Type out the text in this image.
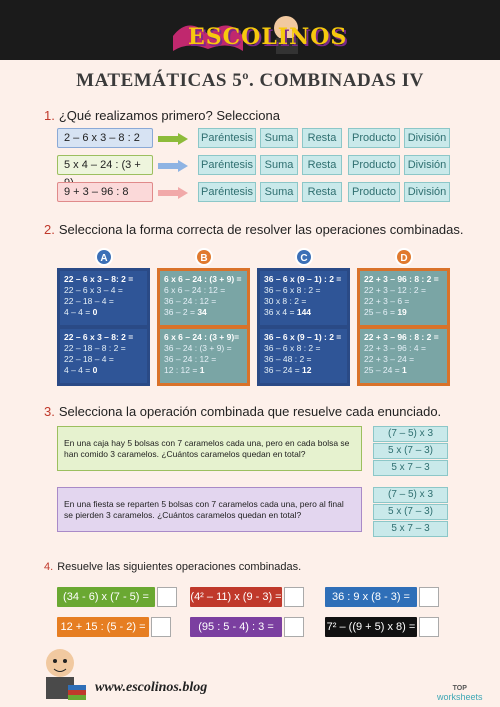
ESCOLINOS
MATEMÁTICAS 5º. COMBINADAS IV
1. ¿Qué realizamos primero? Selecciona
2. Selecciona la forma correcta de resolver las operaciones combinadas.
3. Selecciona la operación combinada que resuelve cada enunciado.
4. Resuelve las siguientes operaciones combinadas.
www.escolinos.blog	TOP
worksheets
2 – 6 x 3 – 8 : 2	Paréntesis	Suma	Resta	Producto	División
5 x 4 – 24 : (3 +	Paréntesis	Suma	Resta	Producto	División
9 + 3 – 96 : 8	Paréntesis	Suma	Resta	Producto	División
A
22 – 6 x 3 – 8: 2 =
22 – 6 x 3 – 4 =
22 – 18 – 4 =
4 – 4 = 0
22 – 6 x 3 – 8: 2 =
22 – 18 – 8 : 2 =
22 – 18 – 4 =
4 – 4 = 0
B
6 x 6 – 24 : (3 + 9) =
6 x 6 – 24 : 12 =
36 – 24 : 12 =
36 – 2 = 34
6 x 6 – 24 : (3 + 9)=
36 – 24 : (3 + 9) =
36 – 24 : 12 =
12 : 12 = 1
C
36 – 6 x (9 – 1) : 2 =
36 – 6 x 8 : 2 =
30 x 8 : 2 =
36 x 4 = 144
36 – 6 x (9 – 1) : 2 =
36 – 6 x 8 : 2 =
36 – 48 : 2 =
36 – 24 = 12
D
22 + 3 – 96 : 8 : 2 =
22 + 3 – 12 : 2 =
22 + 3 – 6 =
25 – 6 = 19
22 + 3 – 96 : 8 : 2 =
22 + 3 – 96 : 4 =
22 + 3 – 24 =
25 – 24 = 1
En una caja hay 5 bolsas con 7 caramelos cada una, pero en cada bolsa se han comido 3 caramelos. ¿Cuántos caramelos quedan en total?
(7 – 5) x 3
5 x (7 – 3)
5 x 7 – 3
En una fiesta se reparten 5 bolsas con 7 caramelos cada una, pero al final se pierden 3 caramelos. ¿Cuántos caramelos quedan en total?
(7 – 5) x 3
5 x (7 – 3)
5 x 7 – 3
(34 - 6) x (7 - 5) =	(4² – 11) x (9 - 3) =	36 : 9 x (8 - 3) =
12 + 15 : (5 - 2) =	(95 : 5 - 4) : 3 =	7² – ((9 + 5) x 8) =
